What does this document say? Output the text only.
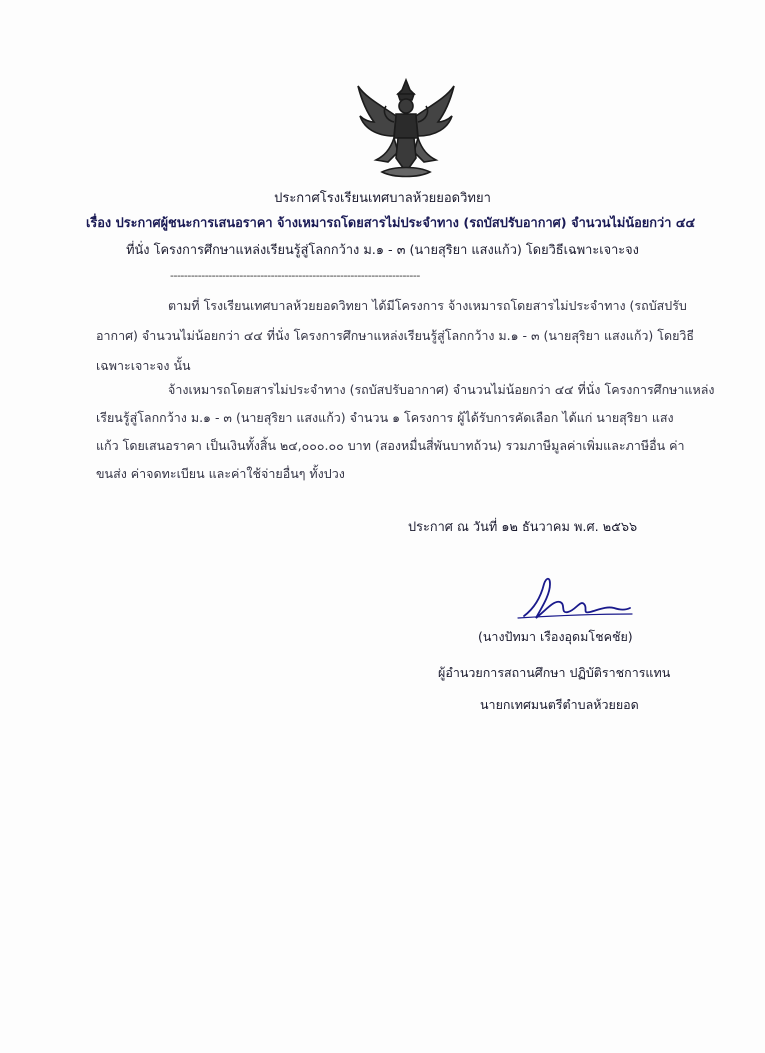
ประกาศโรงเรียนเทศบาลห้วยยอดวิทยา
เรื่อง ประกาศผู้ชนะการเสนอราคา จ้างเหมารถโดยสารไม่ประจำทาง (รถบัสปรับอากาศ) จำนวนไม่น้อยกว่า ๔๔
ที่นั่ง โครงการศึกษาแหล่งเรียนรู้สู่โลกกว้าง ม.๑ - ๓ (นายสุริยา แสงแก้ว) โดยวิธีเฉพาะเจาะจง
------------------------------------------------------------------------
ตามที่ โรงเรียนเทศบาลห้วยยอดวิทยา ได้มีโครงการ จ้างเหมารถโดยสารไม่ประจำทาง (รถบัสปรับ
อากาศ) จำนวนไม่น้อยกว่า ๔๔ ที่นั่ง โครงการศึกษาแหล่งเรียนรู้สู่โลกกว้าง ม.๑ - ๓ (นายสุริยา แสงแก้ว) โดยวิธี
เฉพาะเจาะจง นั้น
จ้างเหมารถโดยสารไม่ประจำทาง (รถบัสปรับอากาศ) จำนวนไม่น้อยกว่า ๔๔ ที่นั่ง โครงการศึกษาแหล่ง
เรียนรู้สู่โลกกว้าง ม.๑ - ๓ (นายสุริยา แสงแก้ว) จำนวน ๑ โครงการ ผู้ได้รับการคัดเลือก ได้แก่ นายสุริยา แสง
แก้ว โดยเสนอราคา เป็นเงินทั้งสิ้น ๒๔,๐๐๐.๐๐ บาท (สองหมื่นสี่พันบาทถ้วน) รวมภาษีมูลค่าเพิ่มและภาษีอื่น ค่า
ขนส่ง ค่าจดทะเบียน และค่าใช้จ่ายอื่นๆ ทั้งปวง
ประกาศ ณ วันที่ ๑๒ ธันวาคม พ.ศ. ๒๕๖๖
(นางปัทมา เรืองอุดมโชคชัย)
ผู้อำนวยการสถานศึกษา ปฏิบัติราชการแทน
นายกเทศมนตรีตำบลห้วยยอด
